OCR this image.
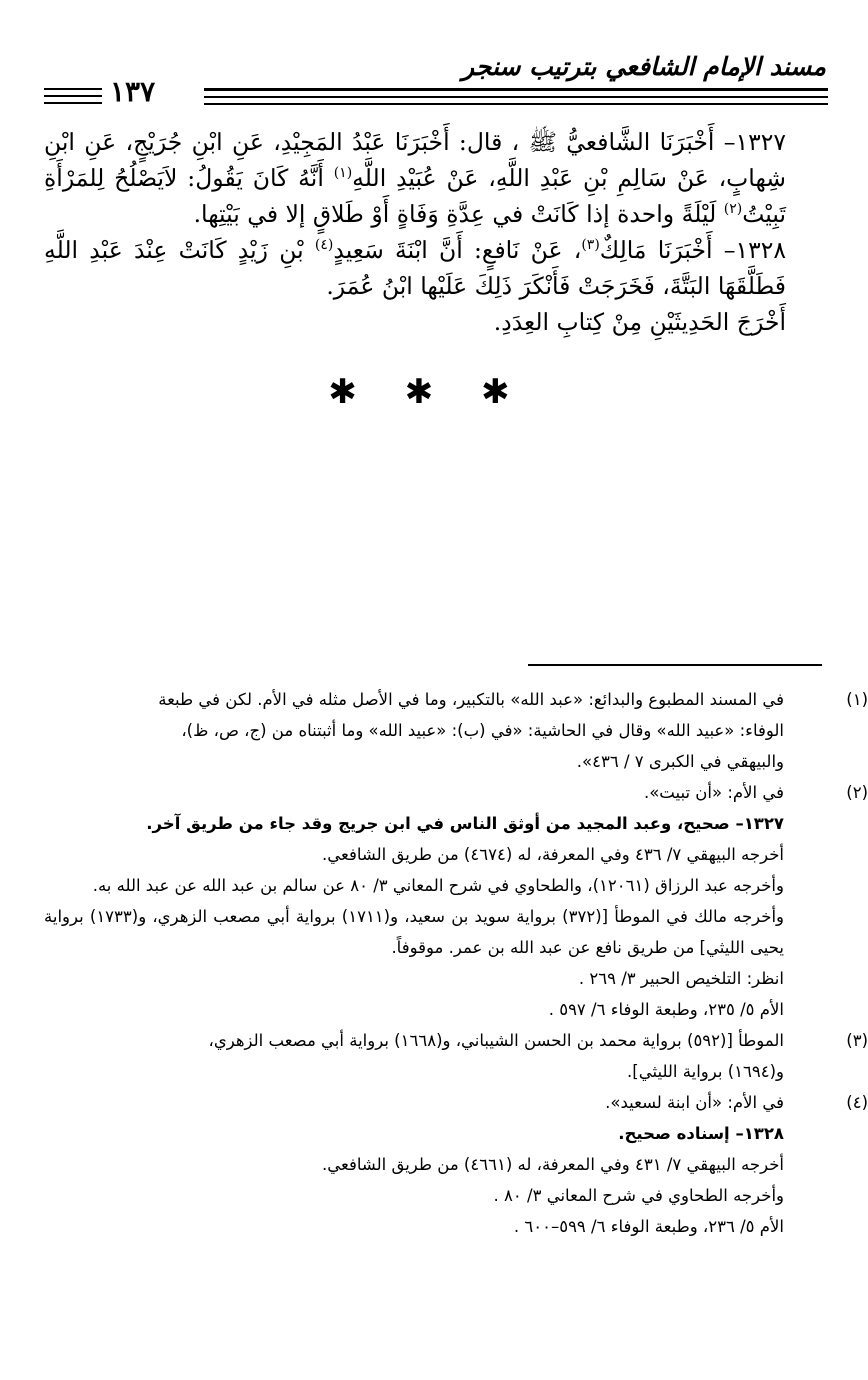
مسند الإمام الشافعي بترتيب سنجر
١٣٧

١٣٢٧– أَخْبَرَنَا الشَّافعيُّ ﷺ ، قال: أَخْبَرَنَا عَبْدُ المَجِيْدِ، عَنِ ابْنِ جُرَيْجٍ، عَنِ ابْنِ شِهابٍ، عَنْ سَالِمِ بْنِ عَبْدِ اللَّهِ، عَنْ عُبَيْدِ اللَّهِ$^{(١)}$ أَنَّهُ كَانَ يَقُولُ: لاَيَصْلُحُ لِلمَرْأَةِ تَبِيْتُ$^{(٢)}$ لَيْلَةً واحدة إذا كَانَتْ في عِدَّةِ وَفَاةٍ أَوْ طَلاقٍ إلا في بَيْتِها.

١٣٢٨– أَخْبَرَنَا مَالِكٌ$^{(٣)}$، عَنْ نَافعٍ: أَنَّ ابْنَةَ سَعِيدٍ$^{(٤)}$ بْنِ زَيْدٍ كَانَتْ عِنْدَ عَبْدِ اللَّهِ فَطَلَّقَهَا البَتَّةَ، فَخَرَجَتْ فَأَنْكَرَ ذَلِكَ عَلَيْها ابْنُ عُمَرَ.

أَخْرَجَ الحَدِيثَيْنِ مِنْ كِتابِ العِدَدِ.

✱ ✱ ✱

(١)في المسند المطبوع والبدائع: «عبد الله» بالتكبير، وما في الأصل مثله في الأم. لكن في طبعة

الوفاء: «عبيد الله» وقال في الحاشية: «في (ب): «عبيد الله» وما أثبتناه من (ج، ص، ظ)،

والبيهقي في الكبرى ٧ / ٤٣٦».

(٢)في الأم: «أن تبيت».

١٣٢٧– صحيح، وعبد المجيد من أوثق الناس في ابن جريج وقد جاء من طريق آخر.

أخرجه البيهقي ٧/ ٤٣٦ وفي المعرفة، له (٤٦٧٤) من طريق الشافعي.

وأخرجه عبد الرزاق (١٢٠٦١)، والطحاوي في شرح المعاني ٣/ ٨٠ عن سالم بن عبد الله عن عبد الله به.

وأخرجه مالك في الموطأ [(٣٧٢) برواية سويد بن سعيد، و(١٧١١) برواية أبي مصعب الزهري، و(١٧٣٣) برواية يحيى الليثي] من طريق نافع عن عبد الله بن عمر. موقوفاً.

انظر: التلخيص الحبير ٣/ ٢٦٩ .

الأم ٥/ ٢٣٥، وطبعة الوفاء ٦/ ٥٩٧ .

(٣)الموطأ [(٥٩٢) برواية محمد بن الحسن الشيباني، و(١٦٦٨) برواية أبي مصعب الزهري،

و(١٦٩٤) برواية الليثي].

(٤)في الأم: «أن ابنة لسعيد».

١٣٢٨– إسناده صحيح.

أخرجه البيهقي ٧/ ٤٣١ وفي المعرفة، له (٤٦٦١) من طريق الشافعي.

وأخرجه الطحاوي في شرح المعاني ٣/ ٨٠ .

الأم ٥/ ٢٣٦، وطبعة الوفاء ٦/ ٥٩٩–٦٠٠ .
